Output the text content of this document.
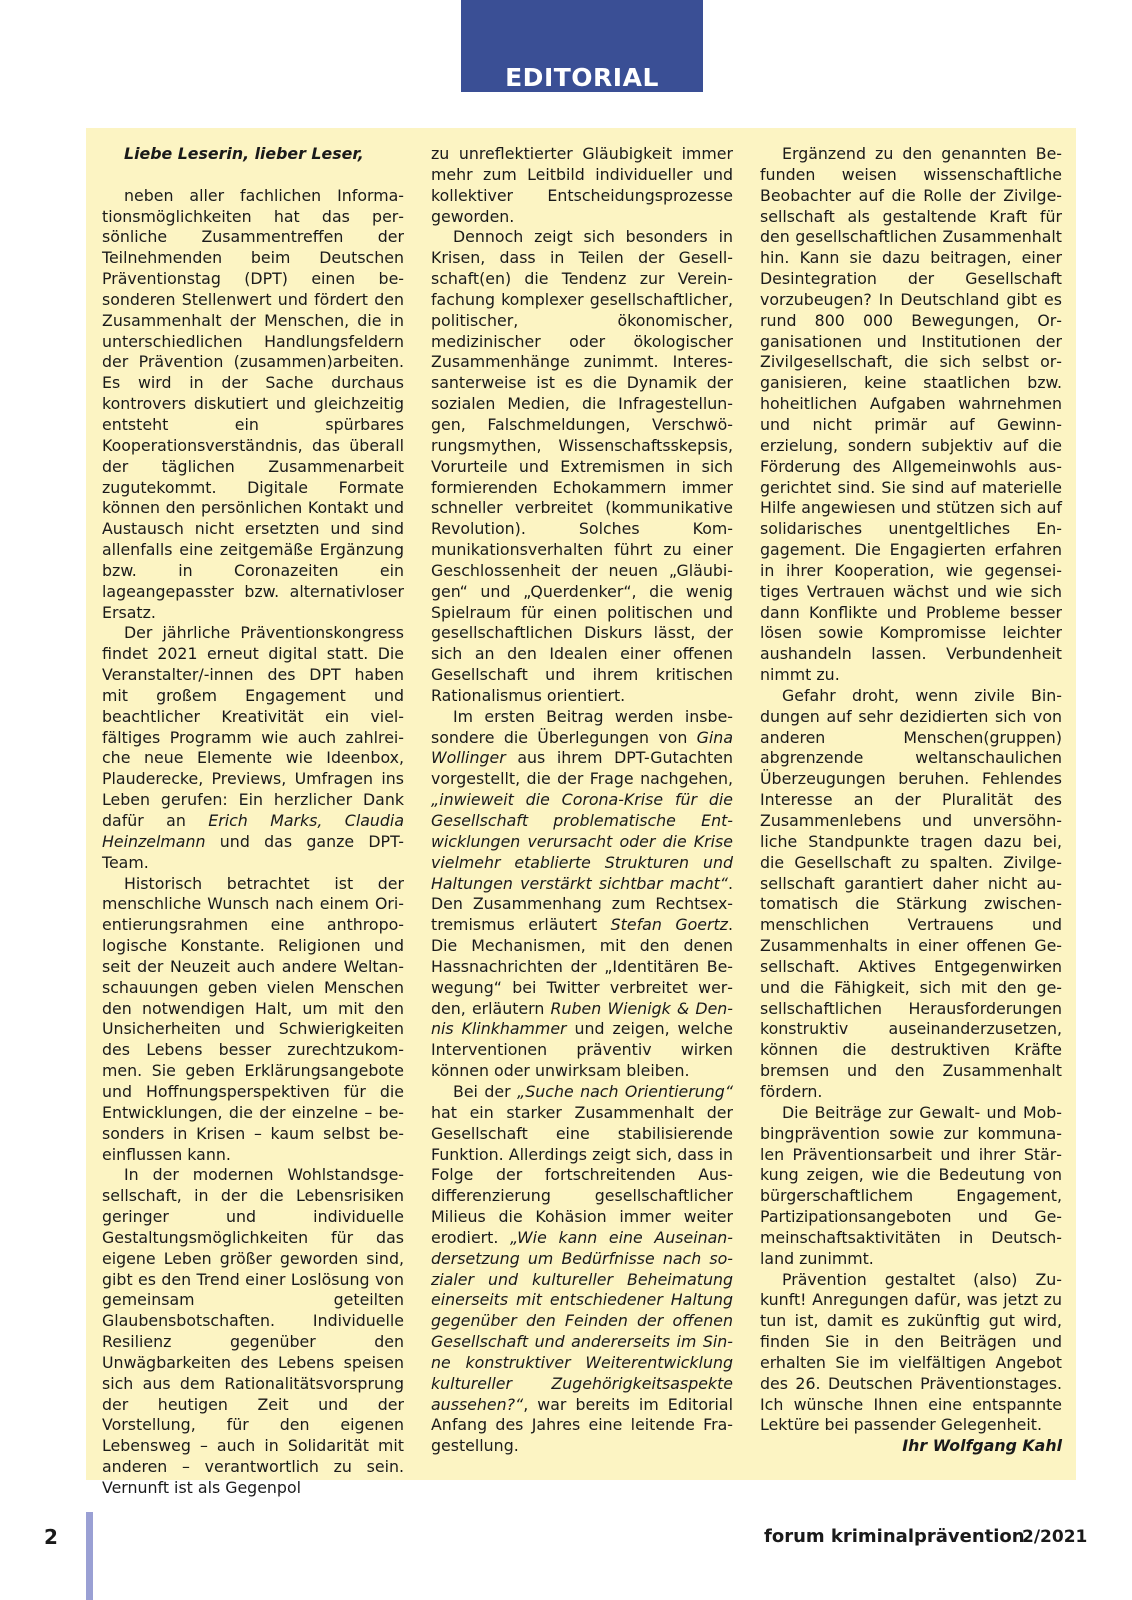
EDITORIAL

Liebe Leserin, lieber Leser,

neben aller fachlichen Informationsmöglichkeiten hat das persönliche Zusammentreffen der Teilnehmenden beim Deutschen Präventionstag (DPT) einen besonderen Stellenwert und fördert den Zusammenhalt der Menschen, die in unterschiedlichen Handlungsfeldern der Prävention (zusammen)arbeiten. Es wird in der Sache durchaus kontrovers diskutiert und gleichzeitig entsteht ein spürbares Kooperationsverständnis, das überall der täglichen Zusammenarbeit zugutekommt. Digitale Formate können den persönlichen Kontakt und Austausch nicht ersetzten und sind allenfalls eine zeitgemäße Ergänzung bzw. in Coronazeiten ein lageangepasster bzw. alternativloser Ersatz.

Der jährliche Präventionskongress findet 2021 erneut digital statt. Die Veranstalter/-innen des DPT haben mit großem Engagement und beachtlicher Kreativität ein vielfältiges Programm wie auch zahlreiche neue Elemente wie Ideenbox, Plauderecke, Previews, Umfragen ins Leben gerufen: Ein herzlicher Dank dafür an Erich Marks, Claudia Heinzelmann und das ganze DPT-Team.

Historisch betrachtet ist der menschliche Wunsch nach einem Orientierungsrahmen eine anthropologische Konstante. Religionen und seit der Neuzeit auch andere Weltanschauungen geben vielen Menschen den notwendigen Halt, um mit den Unsicherheiten und Schwierigkeiten des Lebens besser zurechtzukommen. Sie geben Erklärungsangebote und Hoffnungsperspektiven für die Entwicklungen, die der einzelne – besonders in Krisen – kaum selbst beeinflussen kann.

In der modernen Wohlstandsgesellschaft, in der die Lebensrisiken geringer und individuelle Gestaltungsmöglichkeiten für das eigene Leben größer geworden sind, gibt es den Trend einer Loslösung von gemeinsam geteilten Glaubensbotschaften. Individuelle Resilienz gegenüber den Unwägbarkeiten des Lebens speisen sich aus dem Rationalitätsvorsprung der heutigen Zeit und der Vorstellung, für den eigenen Lebensweg – auch in Solidarität mit anderen – verantwortlich zu sein. Vernunft ist als Gegenpol

zu unreflektierter Gläubigkeit immer mehr zum Leitbild individueller und kollektiver Entscheidungsprozesse geworden.

Dennoch zeigt sich besonders in Krisen, dass in Teilen der Gesellschaft(en) die Tendenz zur Vereinfachung komplexer gesellschaftlicher, politischer, ökonomischer, medizinischer oder ökologischer Zusammenhänge zunimmt. Interessanterweise ist es die Dynamik der sozialen Medien, die Infragestellungen, Falschmeldungen, Verschwörungsmythen, Wissenschaftsskepsis, Vorurteile und Extremismen in sich formierenden Echokammern immer schneller verbreitet (kommunikative Revolution). Solches Kommunikationsverhalten führt zu einer Geschlossenheit der neuen „Gläubigen“ und „Querdenker“, die wenig Spielraum für einen politischen und gesellschaftlichen Diskurs lässt, der sich an den Idealen einer offenen Gesellschaft und ihrem kritischen Rationalismus orientiert.

Im ersten Beitrag werden insbesondere die Überlegungen von Gina Wollinger aus ihrem DPT-Gutachten vorgestellt, die der Frage nachgehen, „inwieweit die Corona-Krise für die Gesellschaft problematische Entwicklungen verursacht oder die Krise vielmehr etablierte Strukturen und Haltungen verstärkt sichtbar macht“. Den Zusammenhang zum Rechtsextremismus erläutert Stefan Goertz. Die Mechanismen, mit den denen Hassnachrichten der „Identitären Bewegung“ bei Twitter verbreitet werden, erläutern Ruben Wienigk & Dennis Klinkhammer und zeigen, welche Interventionen präventiv wirken können oder unwirksam bleiben.

Bei der „Suche nach Orientierung“ hat ein starker Zusammenhalt der Gesellschaft eine stabilisierende Funktion. Allerdings zeigt sich, dass in Folge der fortschreitenden Ausdifferenzierung gesellschaftlicher Milieus die Kohäsion immer weiter erodiert. „Wie kann eine Auseinandersetzung um Bedürfnisse nach sozialer und kultureller Beheimatung einerseits mit entschiedener Haltung gegenüber den Feinden der offenen Gesellschaft und andererseits im Sinne konstruktiver Weiterentwicklung kultureller Zugehörigkeitsaspekte aussehen?“, war bereits im Editorial Anfang des Jahres eine leitende Fragestellung.

Ergänzend zu den genannten Befunden weisen wissenschaftliche Beobachter auf die Rolle der Zivilgesellschaft als gestaltende Kraft für den gesellschaftlichen Zusammenhalt hin. Kann sie dazu beitragen, einer Desintegration der Gesellschaft vorzubeugen? In Deutschland gibt es rund 800 000 Bewegungen, Organisationen und Institutionen der Zivilgesellschaft, die sich selbst organisieren, keine staatlichen bzw. hoheitlichen Aufgaben wahrnehmen und nicht primär auf Gewinnerzielung, sondern subjektiv auf die Förderung des Allgemeinwohls ausgerichtet sind. Sie sind auf materielle Hilfe angewiesen und stützen sich auf solidarisches unentgeltliches Engagement. Die Engagierten erfahren in ihrer Kooperation, wie gegenseitiges Vertrauen wächst und wie sich dann Konflikte und Probleme besser lösen sowie Kompromisse leichter aushandeln lassen. Verbundenheit nimmt zu.

Gefahr droht, wenn zivile Bindungen auf sehr dezidierten sich von anderen Menschen(gruppen) abgrenzende weltanschaulichen Überzeugungen beruhen. Fehlendes Interesse an der Pluralität des Zusammenlebens und unversöhnliche Standpunkte tragen dazu bei, die Gesellschaft zu spalten. Zivilgesellschaft garantiert daher nicht automatisch die Stärkung zwischenmenschlichen Vertrauens und Zusammenhalts in einer offenen Gesellschaft. Aktives Entgegenwirken und die Fähigkeit, sich mit den gesellschaftlichen Herausforderungen konstruktiv auseinanderzusetzen, können die destruktiven Kräfte bremsen und den Zusammenhalt fördern.

Die Beiträge zur Gewalt- und Mobbingprävention sowie zur kommunalen Präventionsarbeit und ihrer Stärkung zeigen, wie die Bedeutung von bürgerschaftlichem Engagement, Partizipationsangeboten und Gemeinschaftsaktivitäten in Deutschland zunimmt.

Prävention gestaltet (also) Zukunft! Anregungen dafür, was jetzt zu tun ist, damit es zukünftig gut wird, finden Sie in den Beiträgen und erhalten Sie im vielfältigen Angebot des 26. Deutschen Präventionstages. Ich wünsche Ihnen eine entspannte Lektüre bei passender Gelegenheit.

Ihr Wolfgang Kahl

2	forum kriminalprävention
2/2021
